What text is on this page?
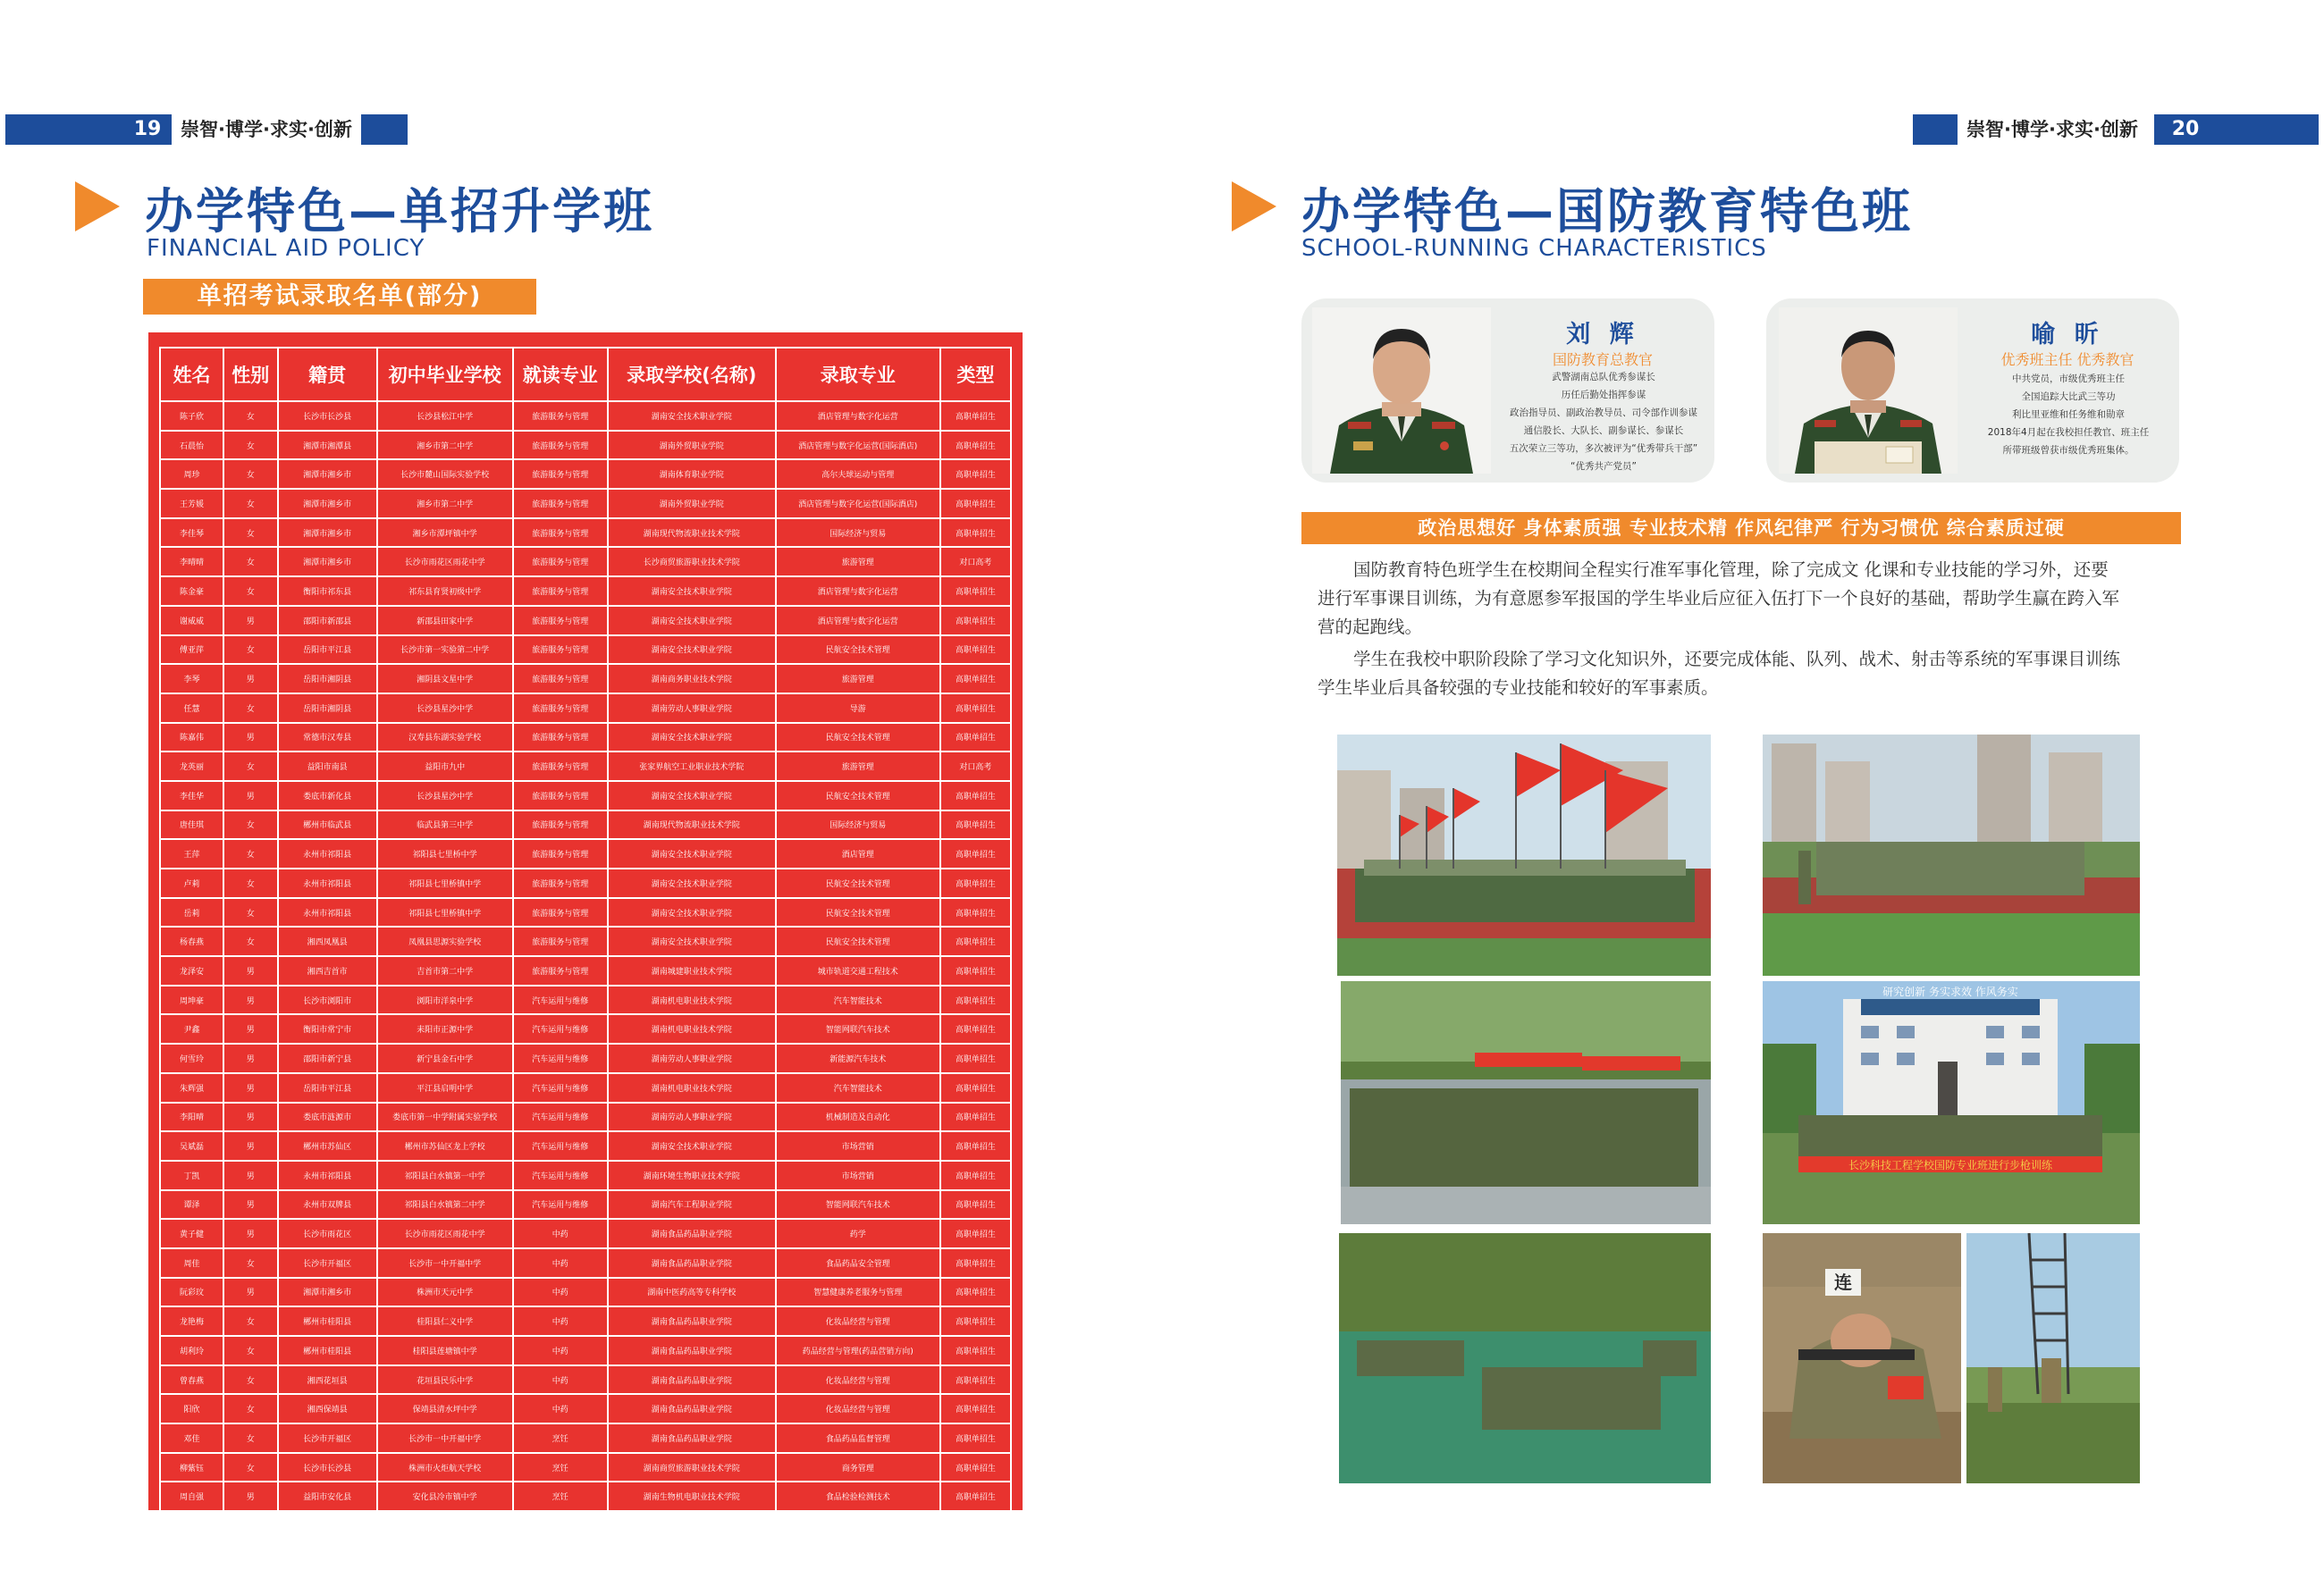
19	崇智·博学·求实·创新
办学特色—单招升学班
FINANCIAL AID POLICY
单招考试录取名单(部分)
姓名	性别	籍贯	初中毕业学校	就读专业	录取学校(名称)	录取专业	类型
陈子欣	女	长沙市长沙县	长沙县松江中学	旅游服务与管理	湖南安全技术职业学院	酒店管理与数字化运营	高职单招生
石晨怡	女	湘潭市湘潭县	湘乡市第二中学	旅游服务与管理	湖南外贸职业学院	酒店管理与数字化运营(国际酒店)	高职单招生
周珍	女	湘潭市湘乡市	长沙市麓山国际实验学校	旅游服务与管理	湖南体育职业学院	高尔夫球运动与管理	高职单招生
王芳媛	女	湘潭市湘乡市	湘乡市第二中学	旅游服务与管理	湖南外贸职业学院	酒店管理与数字化运营(国际酒店)	高职单招生
李佳琴	女	湘潭市湘乡市	湘乡市潭坪镇中学	旅游服务与管理	湖南现代物流职业技术学院	国际经济与贸易	高职单招生
李晴晴	女	湘潭市湘乡市	长沙市雨花区雨花中学	旅游服务与管理	长沙商贸旅游职业技术学院	旅游管理	对口高考
陈金豪	女	衡阳市祁东县	祁东县育贤初级中学	旅游服务与管理	湖南安全技术职业学院	酒店管理与数字化运营	高职单招生
谢威威	男	邵阳市新邵县	新邵县田家中学	旅游服务与管理	湖南安全技术职业学院	酒店管理与数字化运营	高职单招生
傅亚萍	女	岳阳市平江县	长沙市第一实验第二中学	旅游服务与管理	湖南安全技术职业学院	民航安全技术管理	高职单招生
李琴	男	岳阳市湘阴县	湘阴县文星中学	旅游服务与管理	湖南商务职业技术学院	旅游管理	高职单招生
任慧	女	岳阳市湘阴县	长沙县星沙中学	旅游服务与管理	湖南劳动人事职业学院	导游	高职单招生
陈嘉伟	男	常德市汉寿县	汉寿县东湖实验学校	旅游服务与管理	湖南安全技术职业学院	民航安全技术管理	高职单招生
龙英丽	女	益阳市南县	益阳市九中	旅游服务与管理	张家界航空工业职业技术学院	旅游管理	对口高考
李佳华	男	娄底市新化县	长沙县星沙中学	旅游服务与管理	湖南安全技术职业学院	民航安全技术管理	高职单招生
唐佳琪	女	郴州市临武县	临武县第三中学	旅游服务与管理	湖南现代物流职业技术学院	国际经济与贸易	高职单招生
王萍	女	永州市祁阳县	祁阳县七里桥中学	旅游服务与管理	湖南安全技术职业学院	酒店管理	高职单招生
卢莉	女	永州市祁阳县	祁阳县七里桥镇中学	旅游服务与管理	湖南安全技术职业学院	民航安全技术管理	高职单招生
岳莉	女	永州市祁阳县	祁阳县七里桥镇中学	旅游服务与管理	湖南安全技术职业学院	民航安全技术管理	高职单招生
杨春燕	女	湘西凤凰县	凤凰县思源实验学校	旅游服务与管理	湖南安全技术职业学院	民航安全技术管理	高职单招生
龙泽安	男	湘西吉首市	吉首市第二中学	旅游服务与管理	湖南城建职业技术学院	城市轨道交通工程技术	高职单招生
周坤豪	男	长沙市浏阳市	浏阳市洋泉中学	汽车运用与维修	湖南机电职业技术学院	汽车智能技术	高职单招生
尹鑫	男	衡阳市常宁市	耒阳市正源中学	汽车运用与维修	湖南机电职业技术学院	智能网联汽车技术	高职单招生
何雪玲	男	邵阳市新宁县	新宁县金石中学	汽车运用与维修	湖南劳动人事职业学院	新能源汽车技术	高职单招生
朱辉强	男	岳阳市平江县	平江县启明中学	汽车运用与维修	湖南机电职业技术学院	汽车智能技术	高职单招生
李阳晴	男	娄底市涟源市	娄底市第一中学附属实验学校	汽车运用与维修	湖南劳动人事职业学院	机械制造及自动化	高职单招生
吴斌磊	男	郴州市苏仙区	郴州市苏仙区龙上学校	汽车运用与维修	湖南安全技术职业学院	市场营销	高职单招生
丁凯	男	永州市祁阳县	祁阳县白水镇第一中学	汽车运用与维修	湖南环境生物职业技术学院	市场营销	高职单招生
谭泽	男	永州市双牌县	祁阳县白水镇第二中学	汽车运用与维修	湖南汽车工程职业学院	智能网联汽车技术	高职单招生
黄子健	男	长沙市雨花区	长沙市雨花区雨花中学	中药	湖南食品药品职业学院	药学	高职单招生
周佳	女	长沙市开福区	长沙市一中开福中学	中药	湖南食品药品职业学院	食品药品安全管理	高职单招生
阮彩玟	男	湘潭市湘乡市	株洲市天元中学	中药	湖南中医药高等专科学校	智慧健康养老服务与管理	高职单招生
龙艳梅	女	郴州市桂阳县	桂阳县仁义中学	中药	湖南食品药品职业学院	化妆品经营与管理	高职单招生
胡利玲	女	郴州市桂阳县	桂阳县莲塘镇中学	中药	湖南食品药品职业学院	药品经营与管理(药品营销方向)	高职单招生
曾春燕	女	湘西花垣县	花垣县民乐中学	中药	湖南食品药品职业学院	化妆品经营与管理	高职单招生
阳欣	女	湘西保靖县	保靖县清水坪中学	中药	湖南食品药品职业学院	化妆品经营与管理	高职单招生
邓佳	女	长沙市开福区	长沙市一中开福中学	烹饪	湖南食品药品职业学院	食品药品监督管理	高职单招生
柳紫钰	女	长沙市长沙县	株洲市火炬航天学校	烹饪	湖南商贸旅游职业技术学院	商务管理	高职单招生
周自强	男	益阳市安化县	安化县冷市镇中学	烹饪	湖南生物机电职业技术学院	食品检验检测技术	高职单招生
崇智·博学·求实·创新	20
办学特色—国防教育特色班
SCHOOL-RUNNING CHARACTERISTICS
刘 辉
国防教育总教官
武警湖南总队优秀参谋长
历任后勤处指挥参谋
政治指导员、副政治教导员、司令部作训参谋
通信股长、大队长、副参谋长、参谋长
五次荣立三等功，多次被评为“优秀带兵干部”
“优秀共产党员”
喻 昕
优秀班主任 优秀教官
中共党员，市级优秀班主任
全国追踪大比武三等功
利比里亚维和任务维和勋章
2018年4月起在我校担任教官、班主任
所带班级曾获市级优秀班集体。
政治思想好 身体素质强 专业技术精 作风纪律严 行为习惯优 综合素质过硬
国防教育特色班学生在校期间全程实行准军事化管理，除了完成文 化课和专业技能的学习外，还要
进行军事课目训练，为有意愿参军报国的学生毕业后应征入伍打下一个良好的基础，帮助学生赢在跨入军
营的起跑线。
学生在我校中职阶段除了学习文化知识外，还要完成体能、队列、战术、射击等系统的军事课目训练
学生毕业后具备较强的专业技能和较好的军事素质。
长沙科技工程学校国防专业班进行步枪训练
研究创新 务实求效 作风务实
连
